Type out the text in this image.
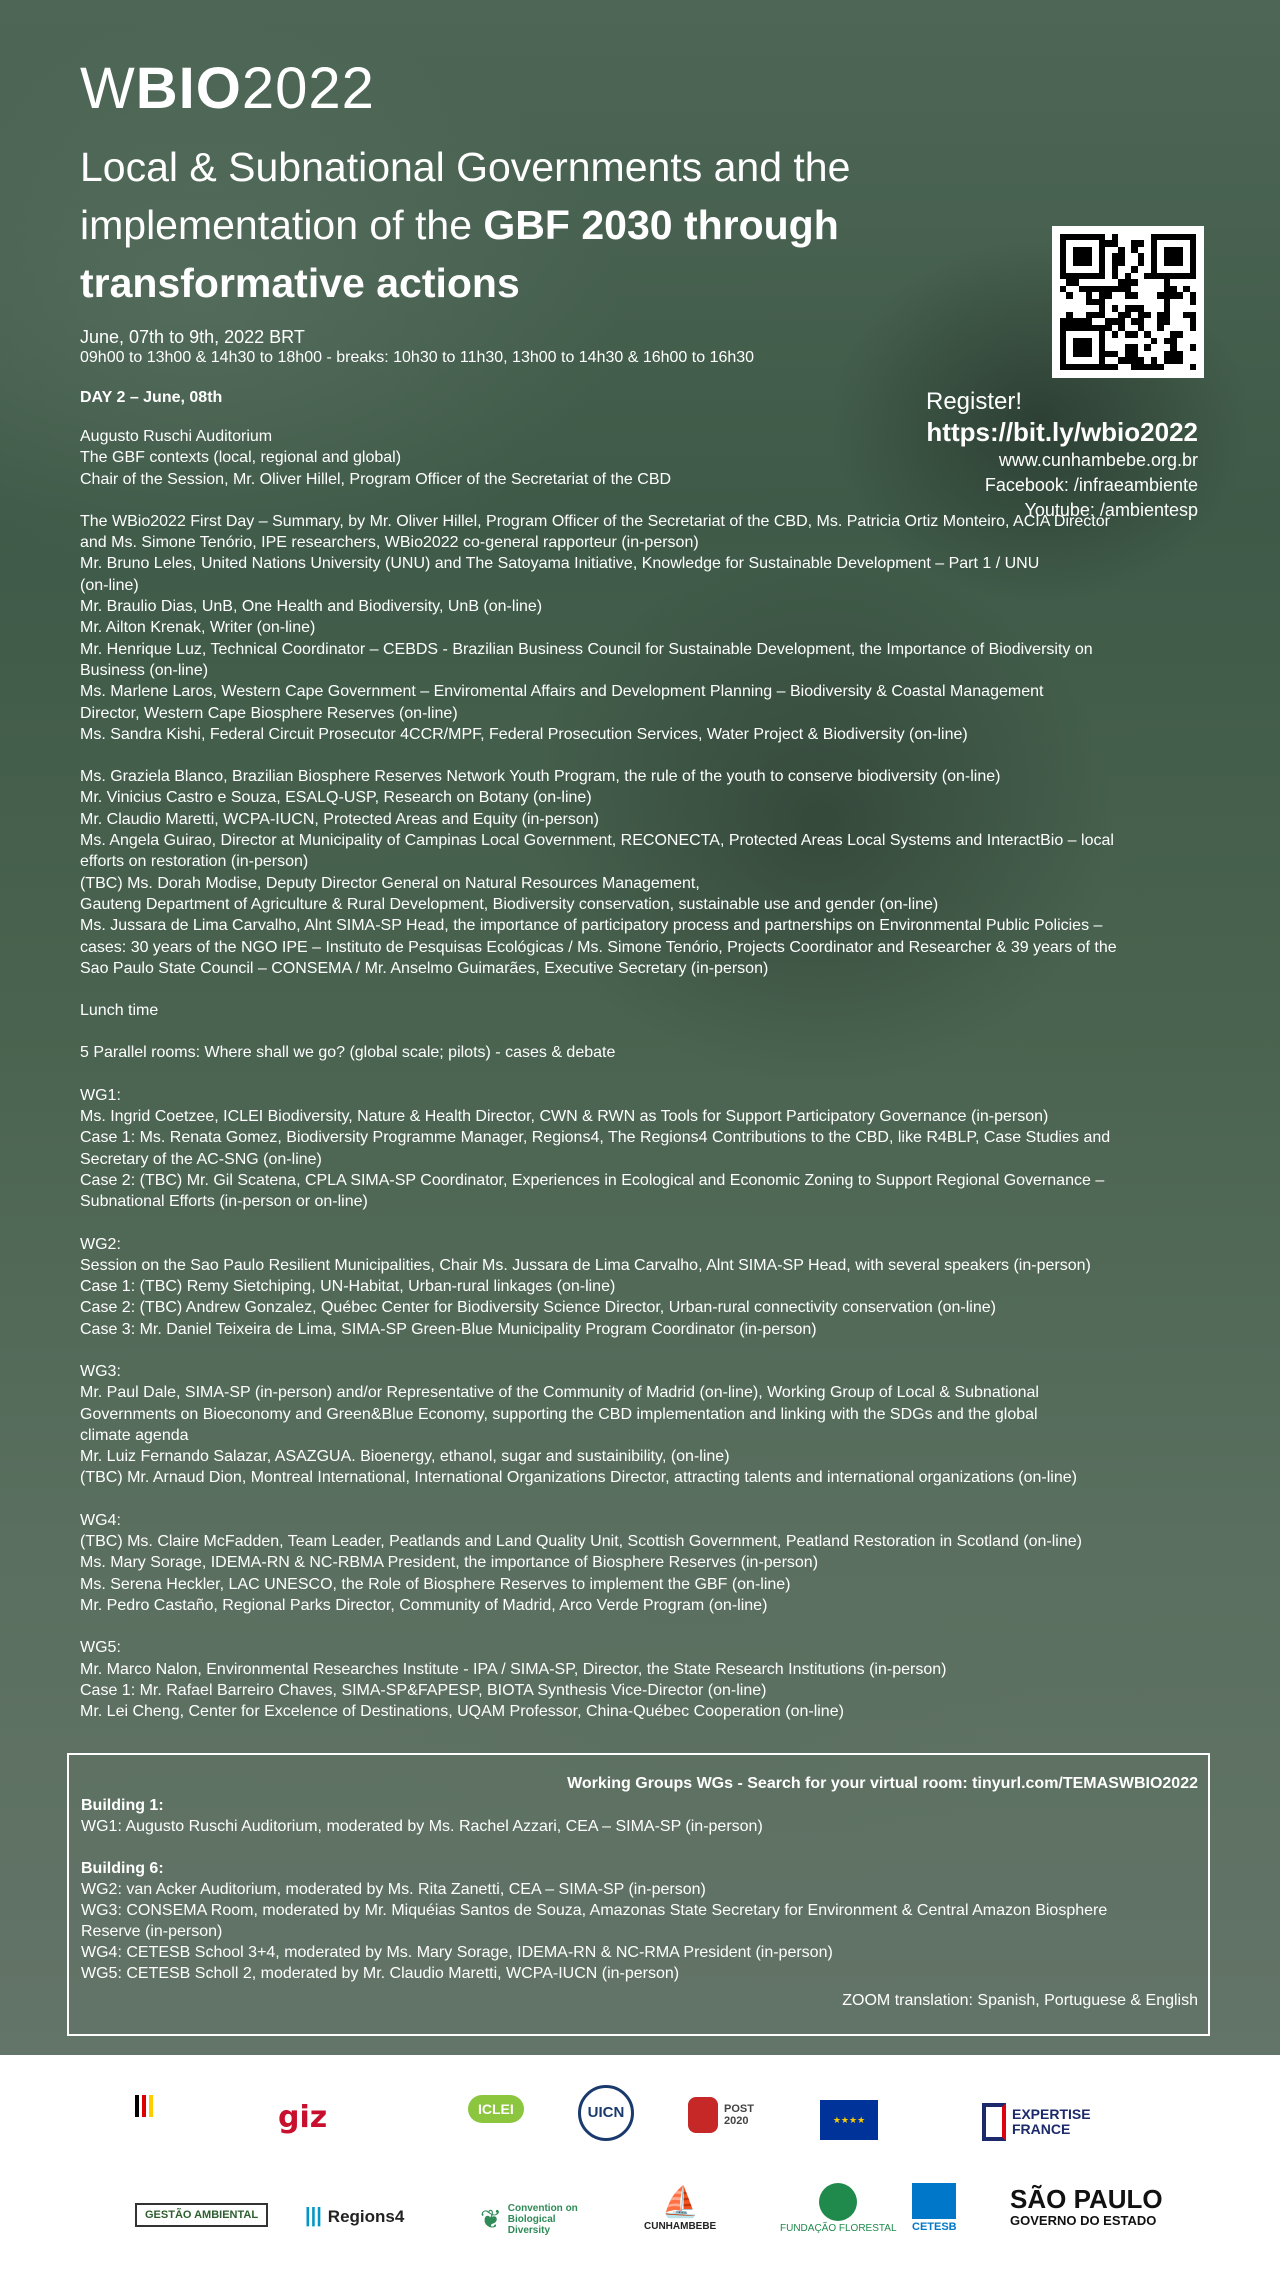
WBIO2022
Local & Subnational Governments and the
implementation of the GBF 2030 through
transformative actions
June, 07th to 9th, 2022 BRT
09h00 to 13h00 & 14h30 to 18h00 - breaks: 10h30 to 11h30, 13h00 to 14h30 & 16h00 to 16h30
DAY 2 – June, 08th
Augusto Ruschi Auditorium
The GBF contexts (local, regional and global)
Chair of the Session, Mr. Oliver Hillel, Program Officer of the Secretariat of the CBD
The WBio2022 First Day – Summary, by Mr. Oliver Hillel, Program Officer of the Secretariat of the CBD, Ms. Patricia Ortiz Monteiro, ACIA Director
and Ms. Simone Tenório, IPE researchers, WBio2022 co-general rapporteur (in-person)
Mr. Bruno Leles, United Nations University (UNU) and The Satoyama Initiative, Knowledge for Sustainable Development – Part 1 / UNU
(on-line)
Mr. Braulio Dias, UnB, One Health and Biodiversity, UnB (on-line)
Mr. Ailton Krenak, Writer (on-line)
Mr. Henrique Luz, Technical Coordinator – CEBDS - Brazilian Business Council for Sustainable Development, the Importance of Biodiversity on
Business (on-line)
Ms. Marlene Laros, Western Cape Government – Enviromental Affairs and Development Planning – Biodiversity & Coastal Management
Director, Western Cape Biosphere Reserves (on-line)
Ms. Sandra Kishi, Federal Circuit Prosecutor 4CCR/MPF, Federal Prosecution Services, Water Project & Biodiversity (on-line)
Ms. Graziela Blanco, Brazilian Biosphere Reserves Network Youth Program, the rule of the youth to conserve biodiversity (on-line)
Mr. Vinicius Castro e Souza, ESALQ-USP, Research on Botany (on-line)
Mr. Claudio Maretti, WCPA-IUCN, Protected Areas and Equity (in-person)
Ms. Angela Guirao, Director at Municipality of Campinas Local Government, RECONECTA, Protected Areas Local Systems and InteractBio – local
efforts on restoration (in-person)
(TBC) Ms. Dorah Modise, Deputy Director General on Natural Resources Management,
Gauteng Department of Agriculture & Rural Development, Biodiversity conservation, sustainable use and gender (on-line)
Ms. Jussara de Lima Carvalho, Alnt SIMA-SP Head, the importance of participatory process and partnerships on Environmental Public Policies –
cases: 30 years of the NGO IPE – Instituto de Pesquisas Ecológicas / Ms. Simone Tenório, Projects Coordinator and Researcher & 39 years of the
Sao Paulo State Council – CONSEMA / Mr. Anselmo Guimarães, Executive Secretary (in-person)
Lunch time
5 Parallel rooms: Where shall we go? (global scale; pilots) - cases & debate
WG1:
Ms. Ingrid Coetzee, ICLEI Biodiversity, Nature & Health Director, CWN & RWN as Tools for Support Participatory Governance (in-person)
Case 1: Ms. Renata Gomez, Biodiversity Programme Manager, Regions4, The Regions4 Contributions to the CBD, like R4BLP, Case Studies and
Secretary of the AC-SNG (on-line)
Case 2: (TBC) Mr. Gil Scatena, CPLA SIMA-SP Coordinator, Experiences in Ecological and Economic Zoning to Support Regional Governance –
Subnational Efforts (in-person or on-line)
WG2:
Session on the Sao Paulo Resilient Municipalities, Chair Ms. Jussara de Lima Carvalho, Alnt SIMA-SP Head, with several speakers (in-person)
Case 1: (TBC) Remy Sietchiping, UN-Habitat, Urban-rural linkages (on-line)
Case 2: (TBC) Andrew Gonzalez, Québec Center for Biodiversity Science Director, Urban-rural connectivity conservation (on-line)
Case 3: Mr. Daniel Teixeira de Lima, SIMA-SP Green-Blue Municipality Program Coordinator (in-person)
WG3:
Mr. Paul Dale, SIMA-SP (in-person) and/or Representative of the Community of Madrid (on-line), Working Group of Local & Subnational
Governments on Bioeconomy and Green&Blue Economy, supporting the CBD implementation and linking with the SDGs and the global
climate agenda
Mr. Luiz Fernando Salazar, ASAZGUA. Bioenergy, ethanol, sugar and sustainibility, (on-line)
(TBC) Mr. Arnaud Dion, Montreal International, International Organizations Director, attracting talents and international organizations (on-line)
WG4:
(TBC) Ms. Claire McFadden, Team Leader, Peatlands and Land Quality Unit, Scottish Government, Peatland Restoration in Scotland (on-line)
Ms. Mary Sorage, IDEMA-RN & NC-RBMA President, the importance of Biosphere Reserves (in-person)
Ms. Serena Heckler, LAC UNESCO, the Role of Biosphere Reserves to implement the GBF (on-line)
Mr. Pedro Castaño, Regional Parks Director, Community of Madrid, Arco Verde Program (on-line)
WG5:
Mr. Marco Nalon, Environmental Researches Institute - IPA / SIMA-SP, Director, the State Research Institutions (in-person)
Case 1: Mr. Rafael Barreiro Chaves, SIMA-SP&FAPESP, BIOTA Synthesis Vice-Director (on-line)
Mr. Lei Cheng, Center for Excelence of Destinations, UQAM Professor, China-Québec Cooperation (on-line)
Register!
https://bit.ly/wbio2022
www.cunhambebe.org.br
Facebook: /infraeambiente
Youtube: /ambientesp
Working Groups WGs - Search for your virtual room: tinyurl.com/TEMASWBIO2022
Building 1:
WG1: Augusto Ruschi Auditorium, moderated by Ms. Rachel Azzari, CEA – SIMA-SP (in-person)
Building 6:
WG2: van Acker Auditorium, moderated by Ms. Rita Zanetti, CEA – SIMA-SP (in-person)
WG3: CONSEMA Room, moderated by Mr. Miquéias Santos de Souza, Amazonas State Secretary for Environment & Central Amazon Biosphere
Reserve (in-person)
WG4: CETESB School 3+4, moderated by Ms. Mary Sorage, IDEMA-RN & NC-RMA President (in-person)
WG5: CETESB Scholl 2, moderated by Mr. Claudio Maretti, WCPA-IUCN (in-person)
ZOOM translation: Spanish, Portuguese & English
giz	ICLEI	UICN	POST 2020	★★★★	EXPERTISE FRANCE
GESTÃO AMBIENTAL	||| Regions4	❦ Convention on Biological Diversity
⛵
CUNHAMBEBE	FUNDAÇÃO FLORESTAL CETESB
SÃO PAULO
GOVERNO DO ESTADO
